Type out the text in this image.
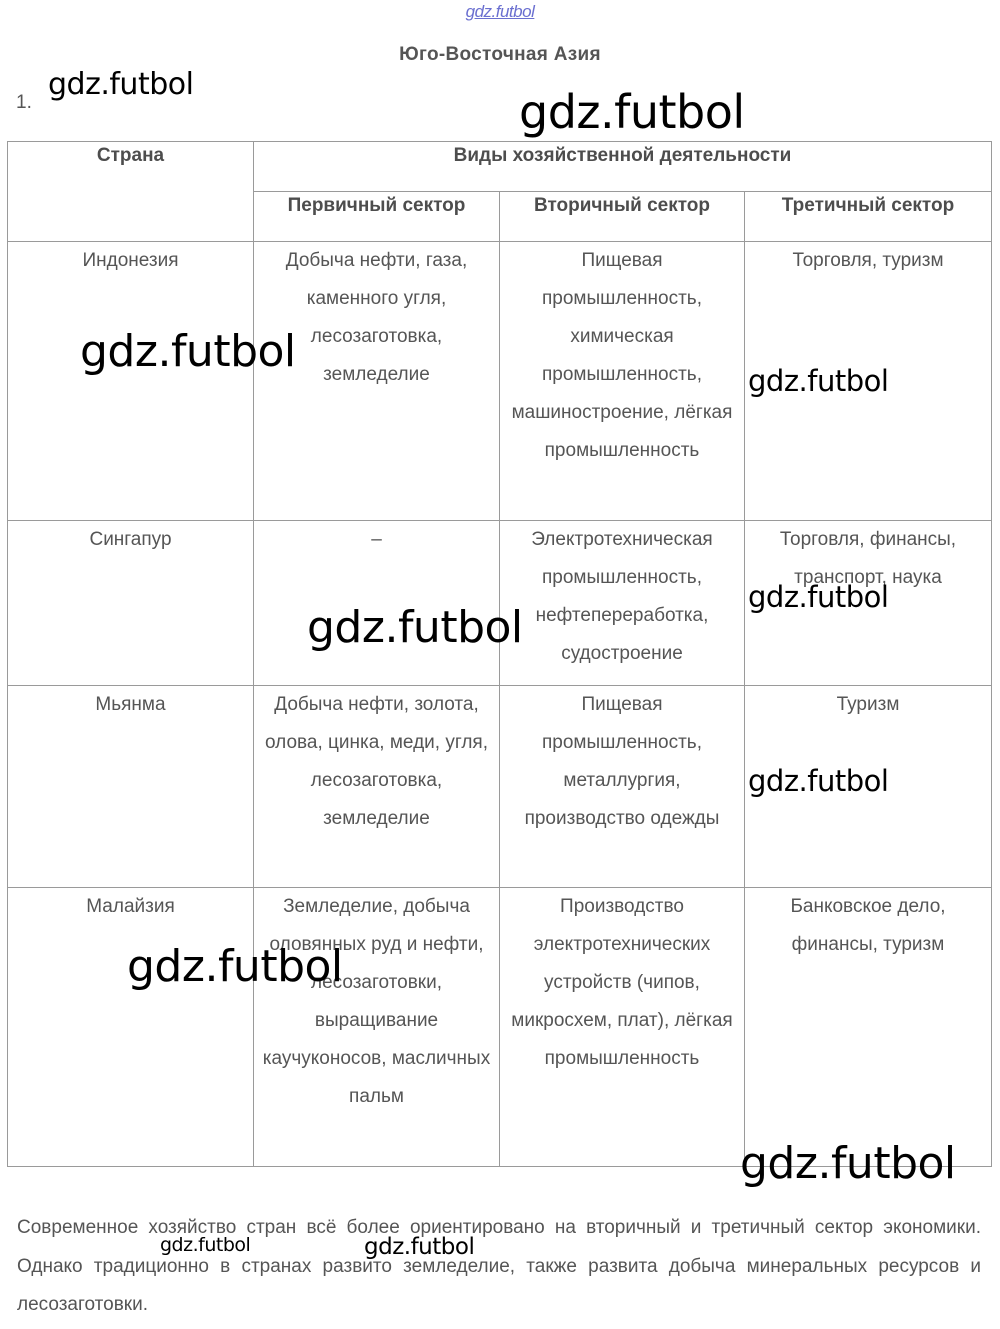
gdz.futbol
Юго-Восточная Азия
1.
Страна	Виды хозяйственной деятельности		

	Первичный сектор	Вторичный сектор	Третичный сектор

Индонезия	Добыча нефти, газа, каменного угля, лесозаготовка, земледелие	Пищевая промышленность, химическая промышленность, машиностроение, лёгкая промышленность	Торговля, туризм

Сингапур	–	Электротехническая промышленность, нефтепереработка, судостроение	Торговля, финансы, транспорт, наука

Мьянма	Добыча нефти, золота, олова, цинка, меди, угля, лесозаготовка, земледелие	Пищевая промышленность, металлургия, производство одежды	Туризм

Малайзия	Земледелие, добыча оловянных руд и нефти, лесозаготовки, выращивание каучуконосов, масличных пальм	Производство электротехнических устройств (чипов, микросхем, плат), лёгкая промышленность	Банковское дело, финансы, туризм
Современное хозяйство стран всё более ориентировано на вторичный и третичный сектор экономики. Однако традиционно в странах развито земледелие, также развита добыча минеральных ресурсов и лесозаготовки.
gdz.futbol
gdz.futbol
gdz.futbol
gdz.futbol
gdz.futbol
gdz.futbol
gdz.futbol
gdz.futbol
gdz.futbol
gdz.futbol	gdz.futbol
